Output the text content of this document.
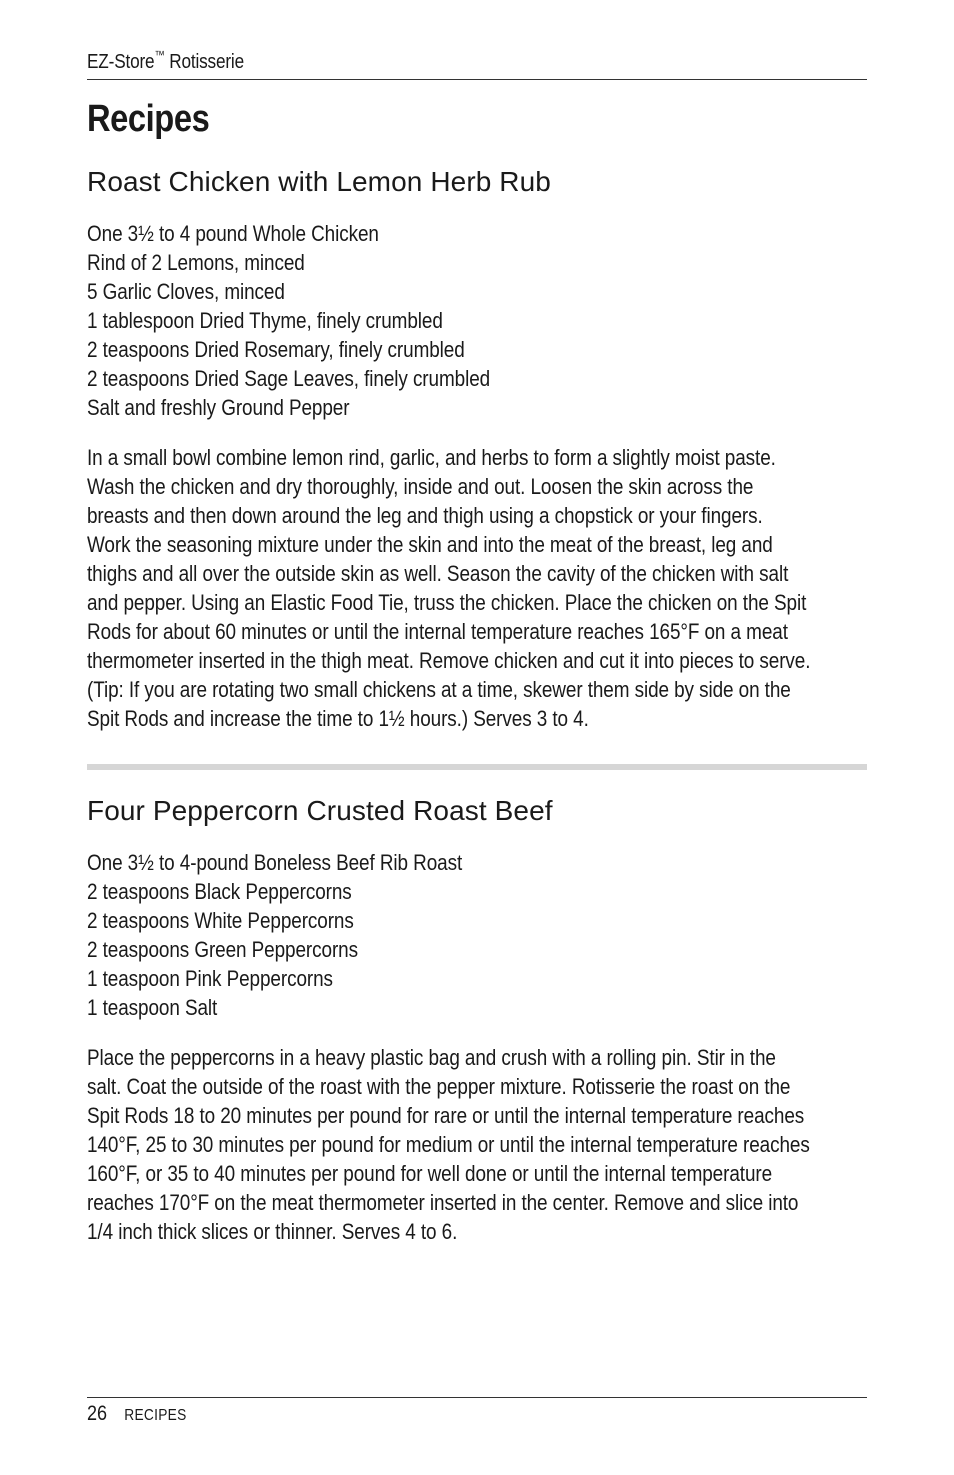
EZ-Store™ Rotisserie
Recipes
Roast Chicken with Lemon Herb Rub
One 3½ to 4 pound Whole Chicken
Rind of 2 Lemons, minced
5 Garlic Cloves, minced
1 tablespoon Dried Thyme, finely crumbled
2 teaspoons Dried Rosemary, finely crumbled
2 teaspoons Dried Sage Leaves, finely crumbled
Salt and freshly Ground Pepper
In a small bowl combine lemon rind, garlic, and herbs to form a slightly moist paste.
Wash the chicken and dry thoroughly, inside and out. Loosen the skin across the
breasts and then down around the leg and thigh using a chopstick or your fingers.
Work the seasoning mixture under the skin and into the meat of the breast, leg and
thighs and all over the outside skin as well. Season the cavity of the chicken with salt
and pepper. Using an Elastic Food Tie, truss the chicken. Place the chicken on the Spit
Rods for about 60 minutes or until the internal temperature reaches 165°F on a meat
thermometer inserted in the thigh meat. Remove chicken and cut it into pieces to serve.
(Tip: If you are rotating two small chickens at a time, skewer them side by side on the
Spit Rods and increase the time to 1½ hours.) Serves 3 to 4.
Four Peppercorn Crusted Roast Beef
One 3½ to 4-pound Boneless Beef Rib Roast
2 teaspoons Black Peppercorns
2 teaspoons White Peppercorns
2 teaspoons Green Peppercorns
1 teaspoon Pink Peppercorns
1 teaspoon Salt
Place the peppercorns in a heavy plastic bag and crush with a rolling pin. Stir in the
salt. Coat the outside of the roast with the pepper mixture. Rotisserie the roast on the
Spit Rods 18 to 20 minutes per pound for rare or until the internal temperature reaches
140°F, 25 to 30 minutes per pound for medium or until the internal temperature reaches
160°F, or 35 to 40 minutes per pound for well done or until the internal temperature
reaches 170°F on the meat thermometer inserted in the center. Remove and slice into
1/4 inch thick slices or thinner. Serves 4 to 6.
26 RECIPES
